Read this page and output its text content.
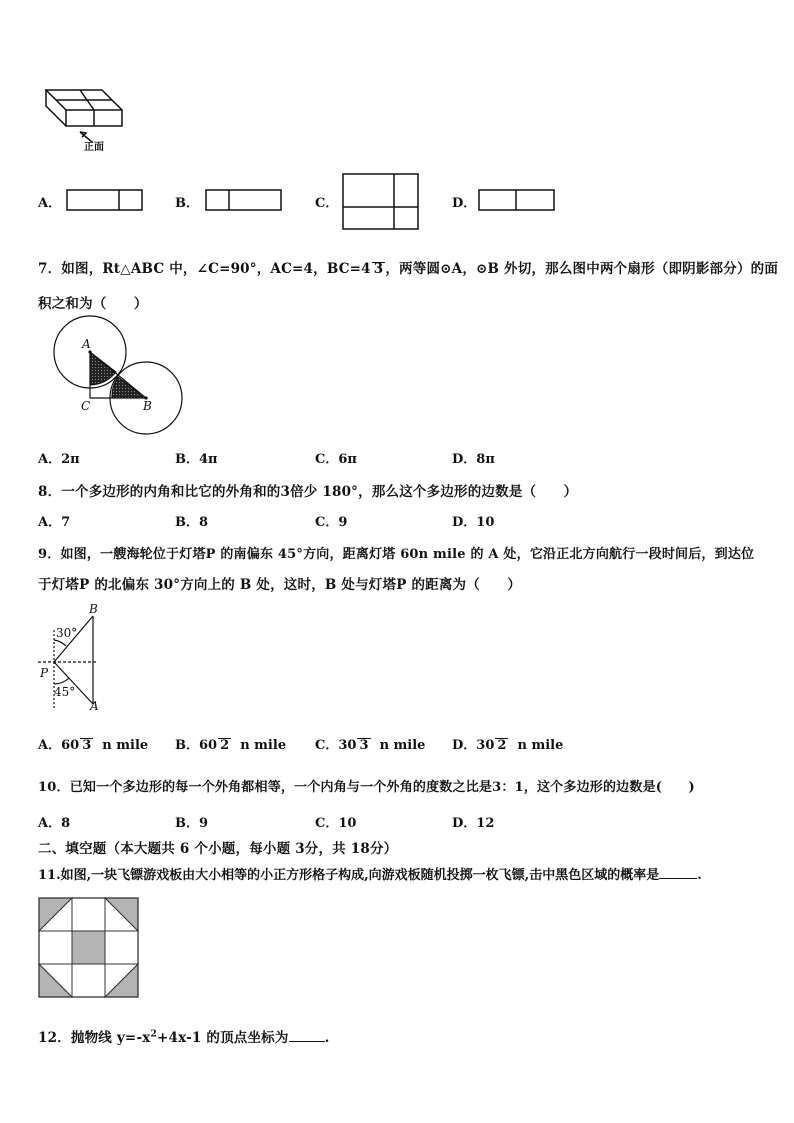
正面
A．	B．	C．	D．
7．如图，Rt△ABC 中，∠C=90°，AC=4，BC=4 3 ，两等圆⊙A，⊙B 外切，那么图中两个扇形（即阴影部分）的面
积之和为（　　）
A
C	B
A．2π	B．4π	C．6π	D．8π
8．一个多边形的内角和比它的外角和的3倍少 180°，那么这个多边形的边数是（　　）
A．7	B．8	C．9	D．10
9．如图，一艘海轮位于灯塔P 的南偏东 45°方向，距离灯塔 60n mile 的 A 处，它沿正北方向航行一段时间后，到达位
于灯塔P 的北偏东 30°方向上的 B 处，这时，B 处与灯塔P 的距离为（　　）
B
30°
P
45°
A
A．60 3 n mile B．60 2 n mile C．30 3 n mile D．30 2 n mile
10．已知一个多边形的每一个外角都相等，一个内角与一个外角的度数之比是3：1，这个多边形的边数是(　　)
A．8	B．9	C．10	D．12
二、填空题（本大题共 6 个小题，每小题 3分，共 18分）
11.如图,一块飞镖游戏板由大小相等的小正方形格子构成,向游戏板随机投掷一枚飞镖,击中黑色区域的概率是	.
12．抛物线 $y=-x^2+4x-1$ 的顶点坐标为	.
